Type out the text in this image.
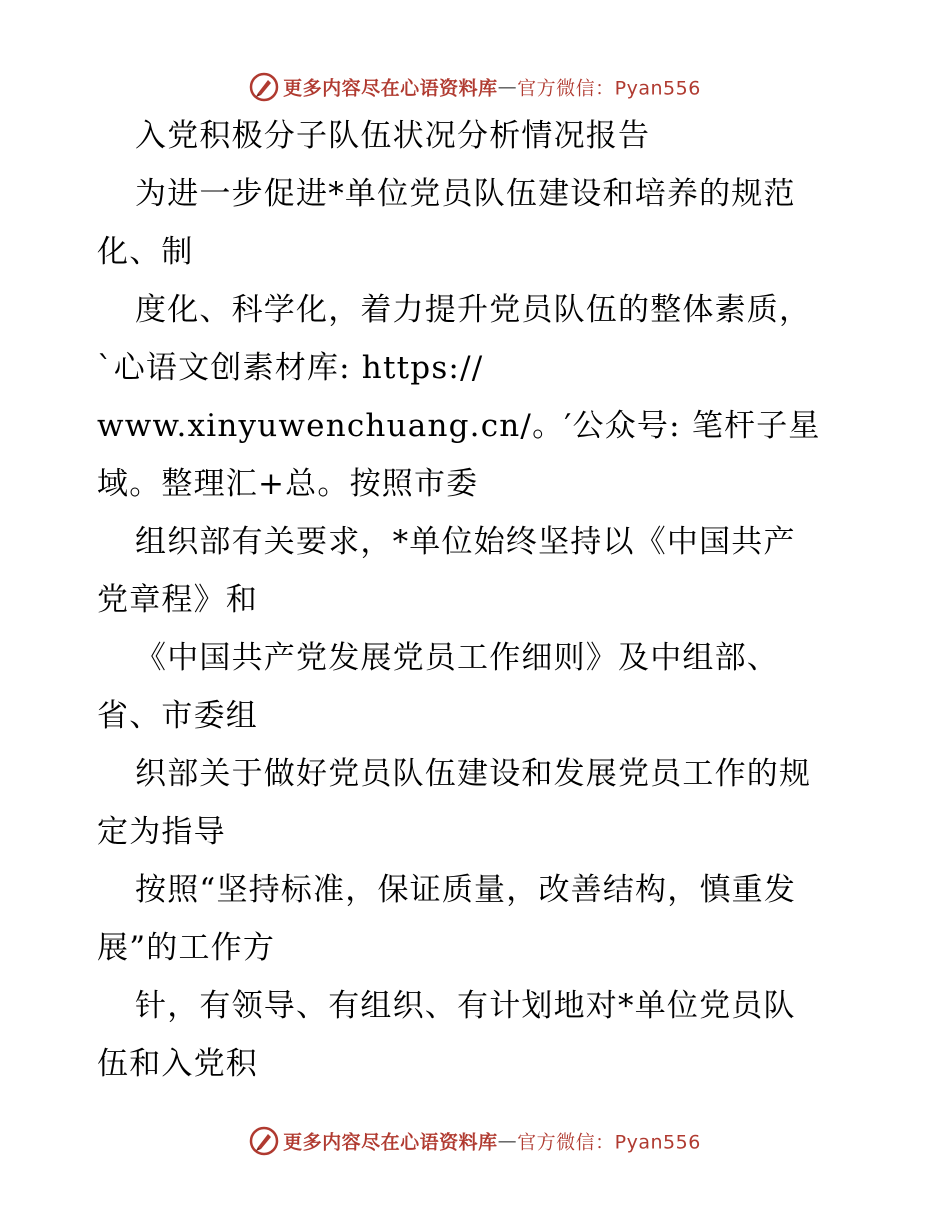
更多内容尽在心语资料库—官方微信：Pyan556
入党积极分子队伍状况分析情况报告
为进一步促进*单位党员队伍建设和培养的规范
化、制
度化、科学化，着力提升党员队伍的整体素质，
`心语文创素材库: https://
www.xinyuwenchuang.cn/。′公众号: 笔杆子星
域。整理汇+总。按照市委
组织部有关要求，*单位始终坚持以《中国共产
党章程》和
《中国共产党发展党员工作细则》及中组部、
省、市委组
织部关于做好党员队伍建设和发展党员工作的规
定为指导
按照“坚持标准，保证质量，改善结构，慎重发
展”的工作方
针，有领导、有组织、有计划地对*单位党员队
伍和入党积
更多内容尽在心语资料库—官方微信：Pyan556
